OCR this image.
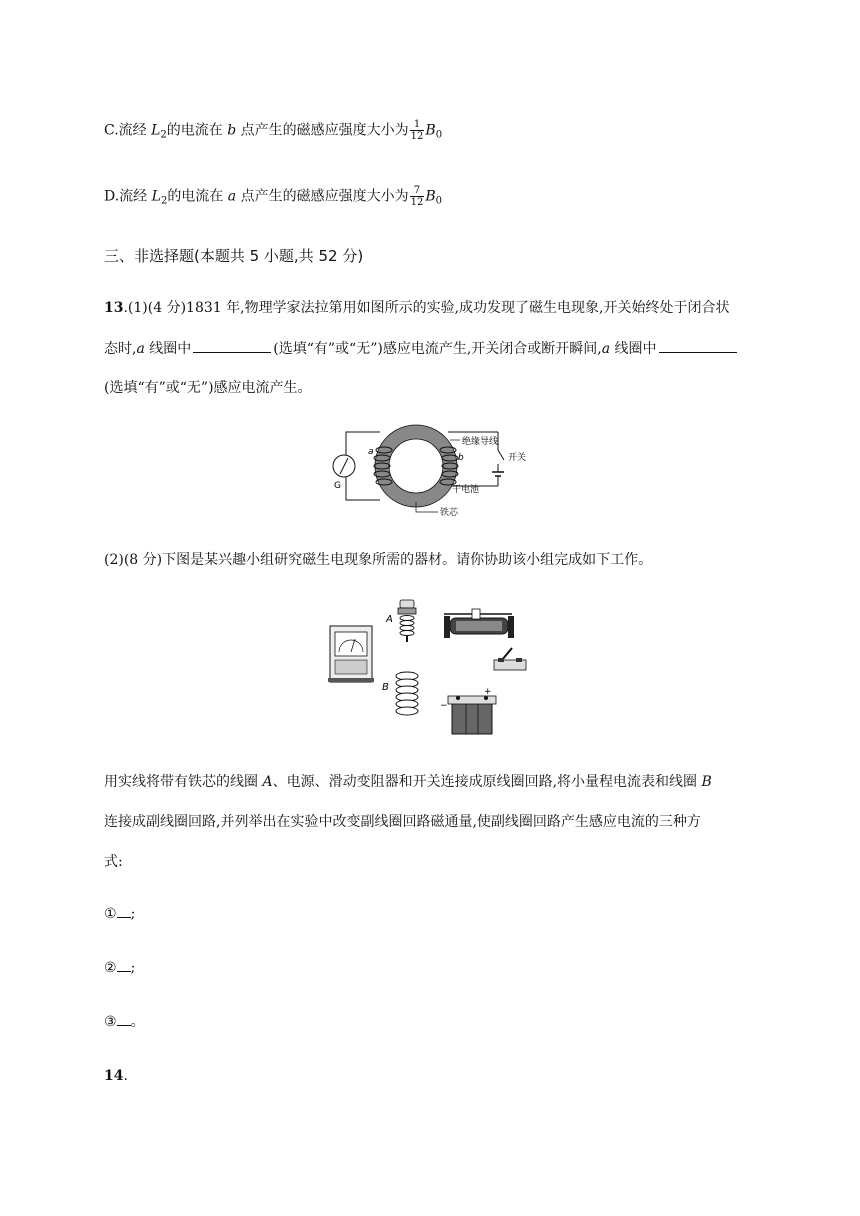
C.流经 $L_2$的电流在 b 点产生的磁感应强度大小为 $\frac{1}{12} B_0$
D.流经 $L_2$的电流在 a 点产生的磁感应强度大小为 $\frac{7}{12} B_0$
三、非选择题(本题共 5 小题,共 52 分)
13.(1)(4 分)1831 年,物理学家法拉第用如图所示的实验,成功发现了磁生电现象,开关始终处于闭合状
态时,a 线圈中	(选填“有”或“无”)感应电流产生,开关闭合或断开瞬间,a 线圈中
(选填“有”或“无”)感应电流产生。
G
a
b
绝缘导线
开关
干电池
铁芯
(2)(8 分)下图是某兴趣小组研究磁生电现象所需的器材。请你协助该小组完成如下工作。
A
B	+
−
用实线将带有铁芯的线圈 A、电源、滑动变阻器和开关连接成原线圈回路,将小量程电流表和线圈 B
连接成副线圈回路,并列举出在实验中改变副线圈回路磁通量,使副线圈回路产生感应电流的三种方
式:
① ;
② ;
③ 。
14.
